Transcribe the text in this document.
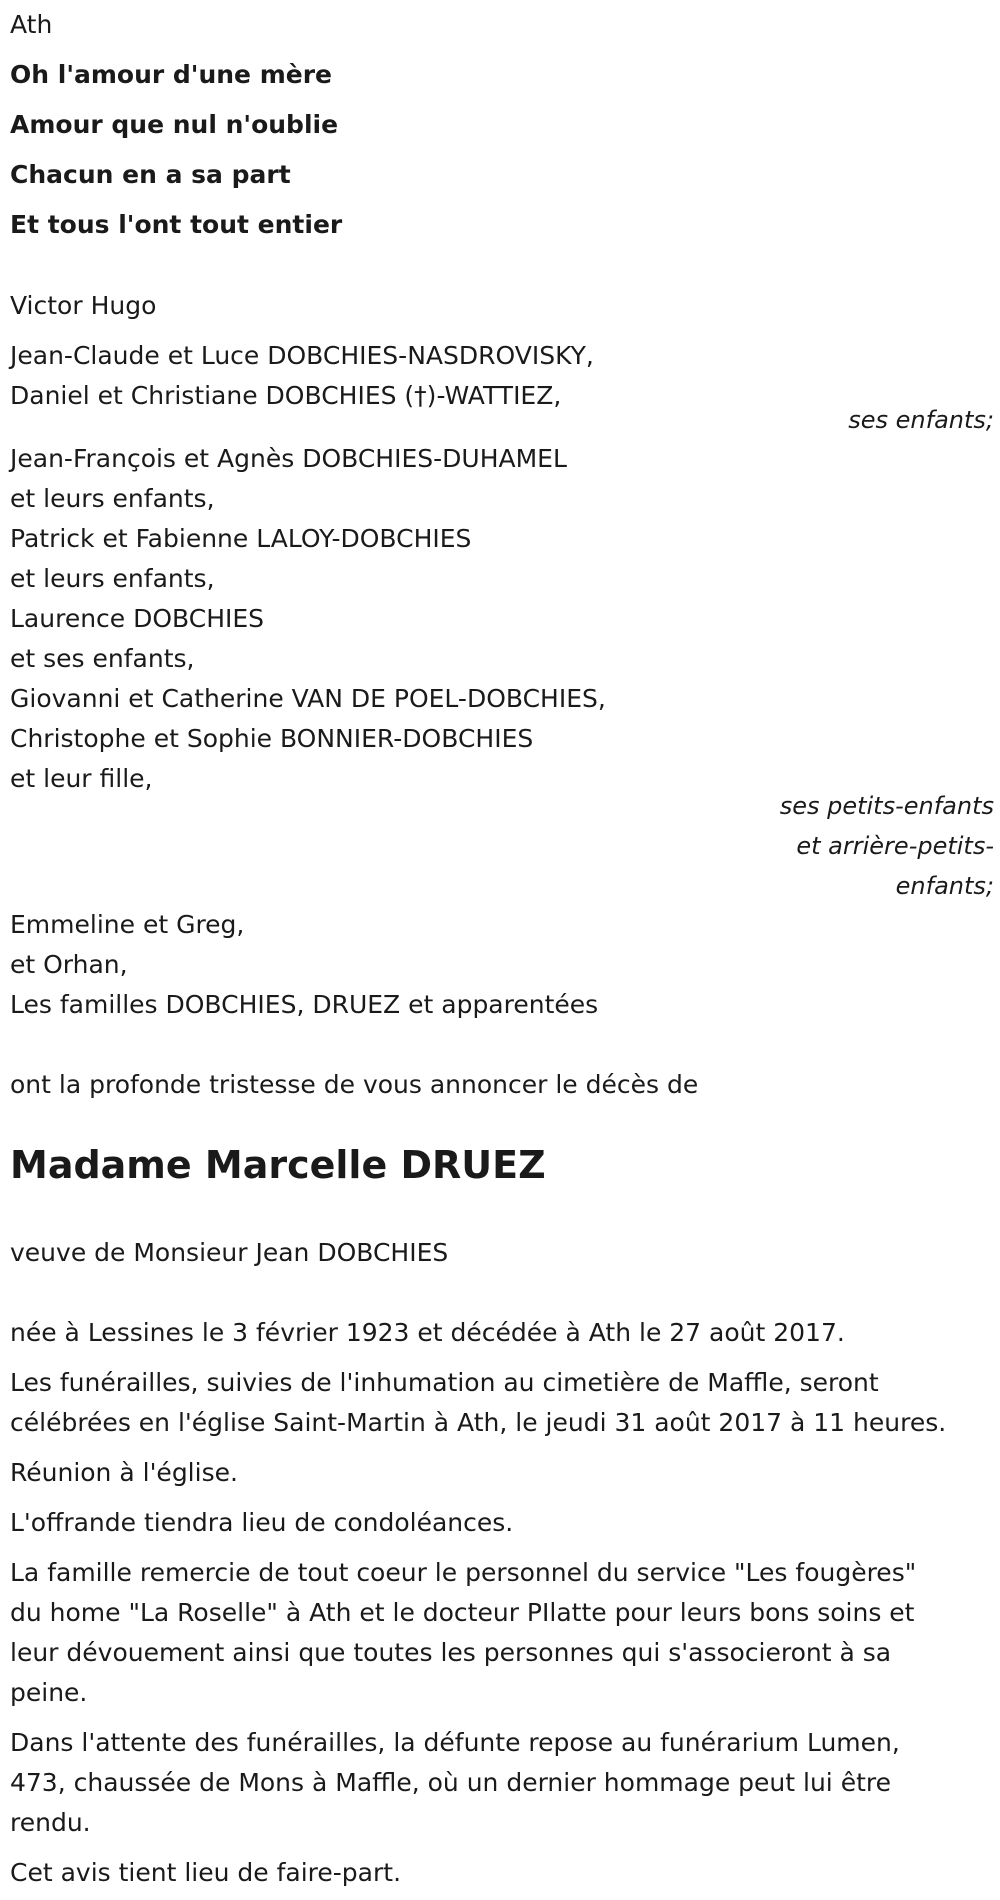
Ath

Oh l'amour d'une mère

Amour que nul n'oublie

Chacun en a sa part

Et tous l'ont tout entier

Victor Hugo

Jean-Claude et Luce DOBCHIES-NASDROVISKY,

Daniel et Christiane DOBCHIES (†)-WATTIEZ,

ses enfants;

Jean-François et Agnès DOBCHIES-DUHAMEL

et leurs enfants,

Patrick et Fabienne LALOY-DOBCHIES

et leurs enfants,

Laurence DOBCHIES

et ses enfants,

Giovanni et Catherine VAN DE POEL-DOBCHIES,

Christophe et Sophie BONNIER-DOBCHIES

et leur fille,

ses petits-enfants

et arrière-petits-

enfants;

Emmeline et Greg,

et Orhan,

Les familles DOBCHIES, DRUEZ et apparentées

ont la profonde tristesse de vous annoncer le décès de

Madame Marcelle DRUEZ

veuve de Monsieur Jean DOBCHIES

née à Lessines le 3 février 1923 et décédée à Ath le 27 août 2017.

Les funérailles, suivies de l'inhumation au cimetière de Maffle, seront

célébrées en l'église Saint-Martin à Ath, le jeudi 31 août 2017 à 11 heures.

Réunion à l'église.

L'offrande tiendra lieu de condoléances.

La famille remercie de tout coeur le personnel du service "Les fougères"

du home "La Roselle" à Ath et le docteur PIlatte pour leurs bons soins et

leur dévouement ainsi que toutes les personnes qui s'associeront à sa

peine.

Dans l'attente des funérailles, la défunte repose au funérarium Lumen,

473, chaussée de Mons à Maffle, où un dernier hommage peut lui être

rendu.

Cet avis tient lieu de faire-part.
